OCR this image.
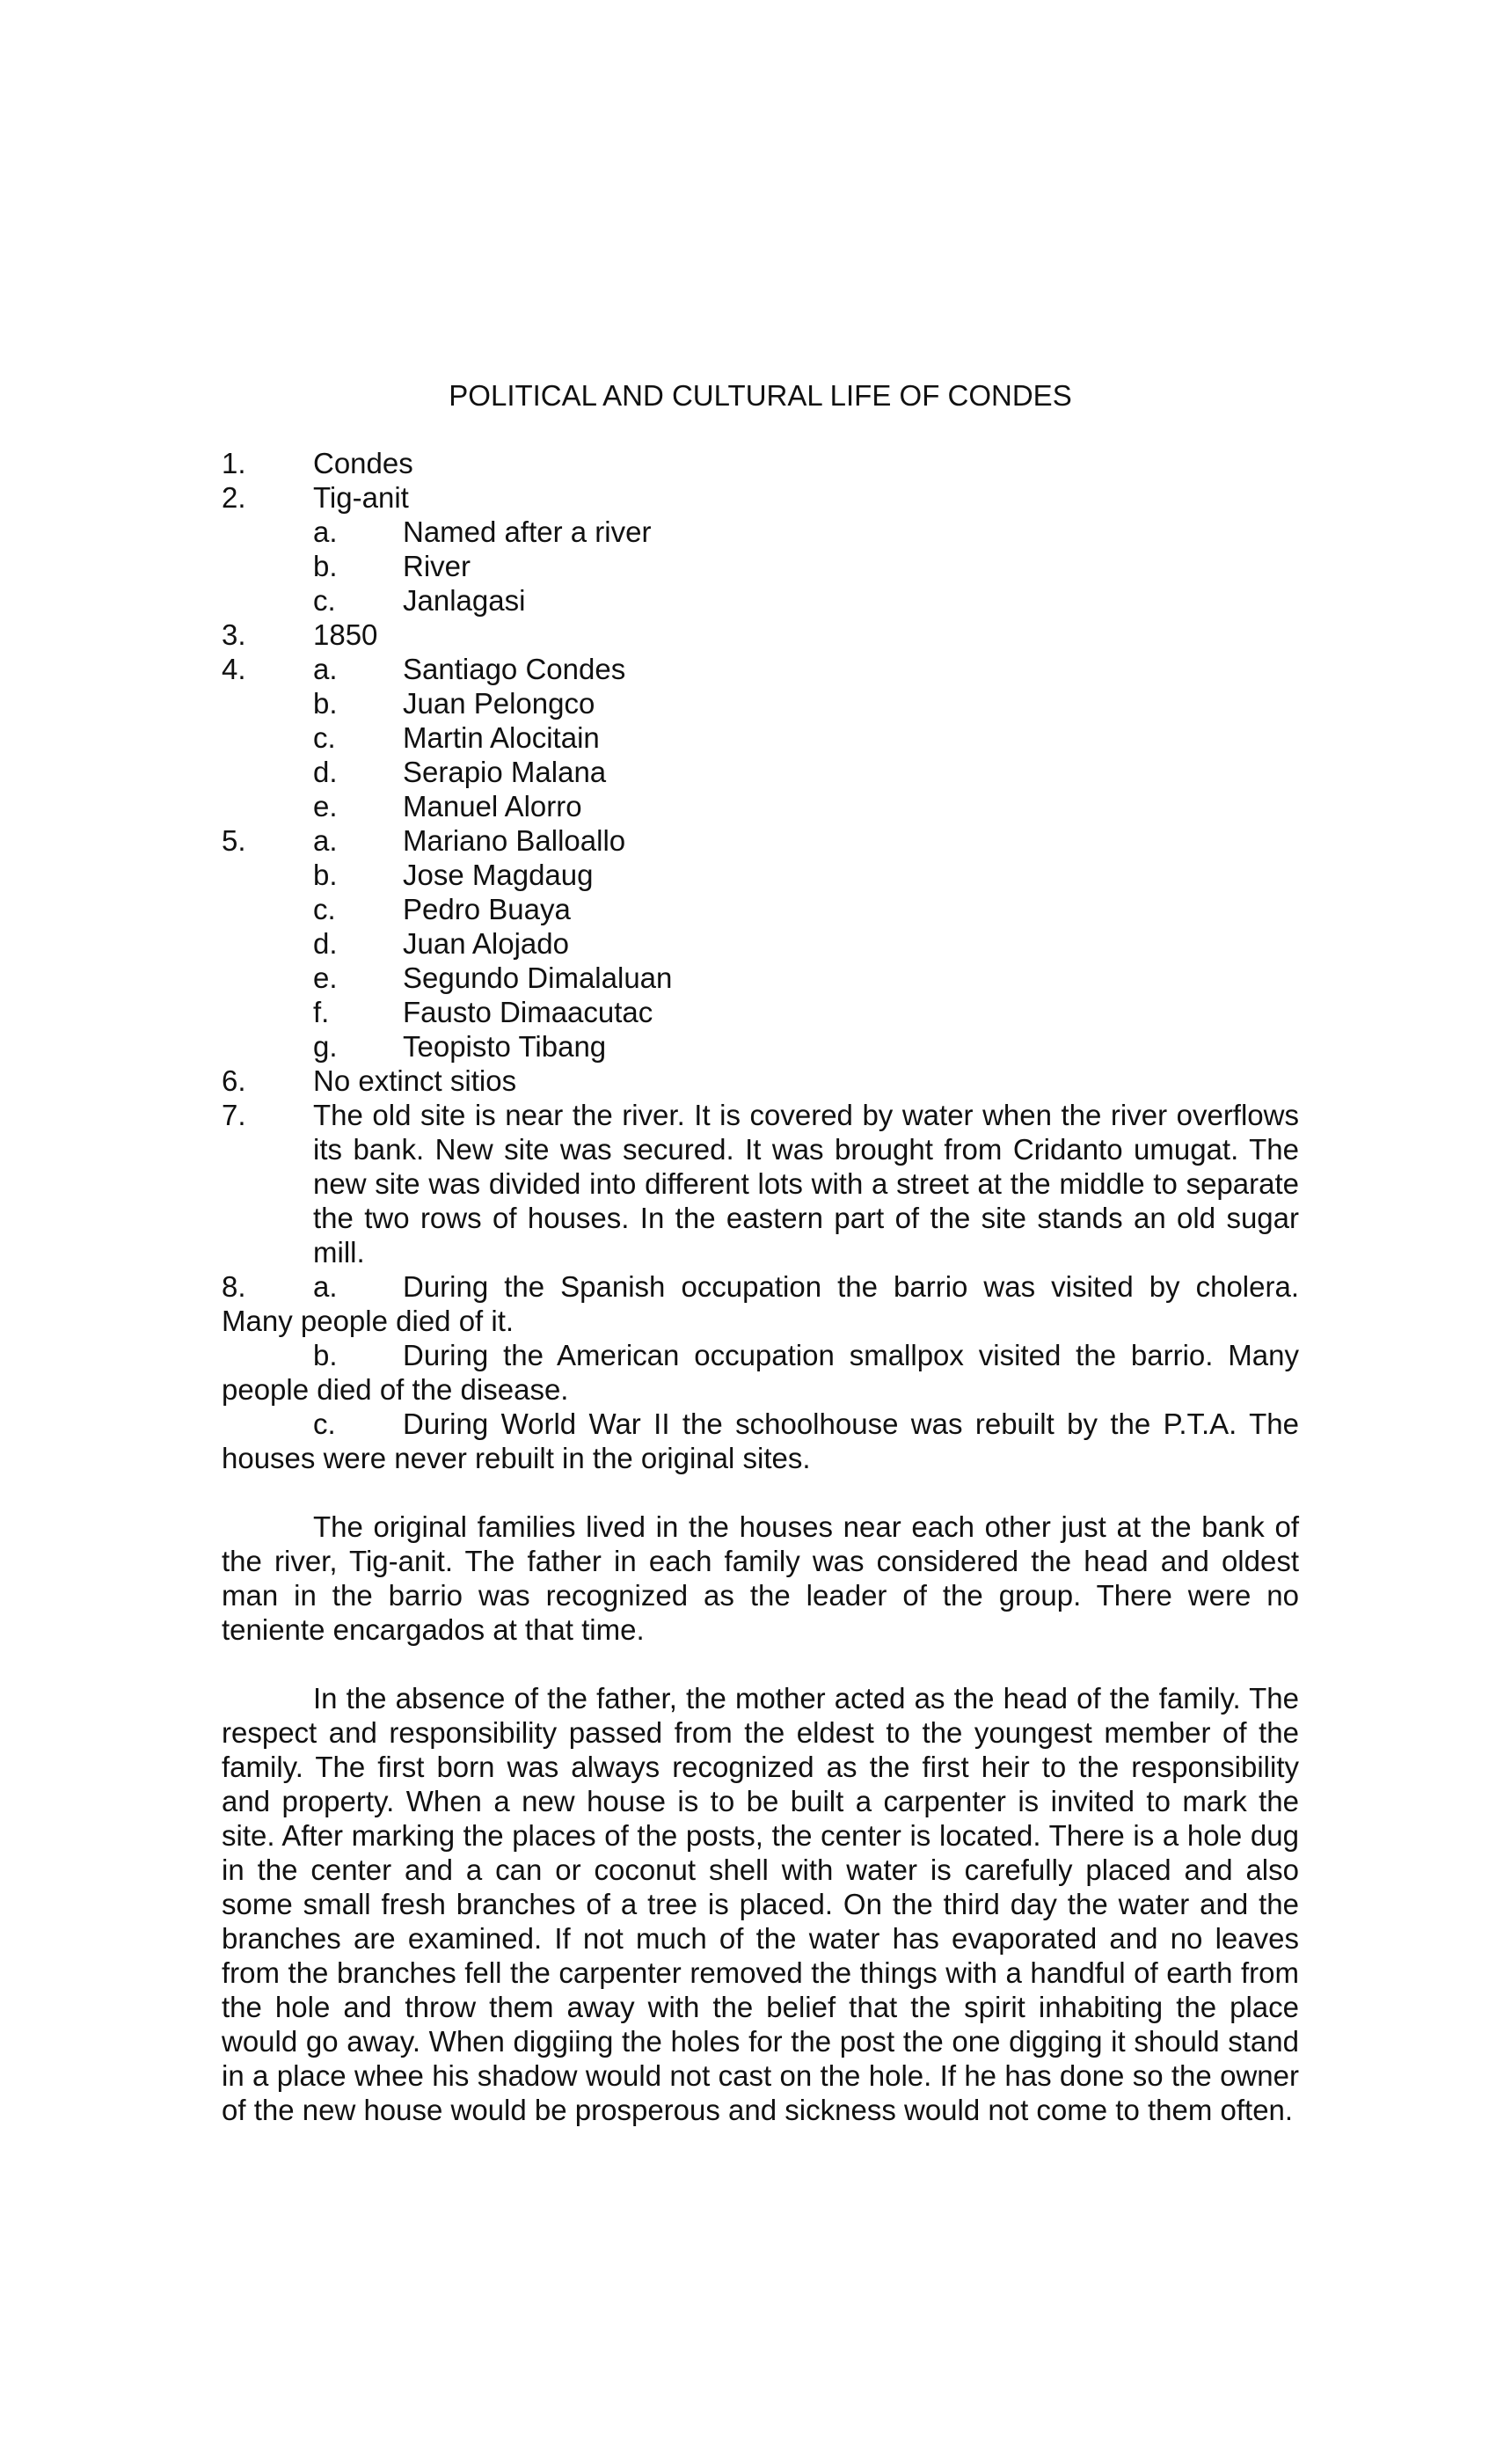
POLITICAL AND CULTURAL LIFE OF CONDES
1. Condes
2. Tig-anit
a. Named after a river
b. River
c. Janlagasi
3. 1850
4. a. Santiago Condes
b. Juan Pelongco
c. Martin Alocitain
d. Serapio Malana
e. Manuel Alorro
5. a. Mariano Balloallo
b. Jose Magdaug
c. Pedro Buaya
d. Juan Alojado
e. Segundo Dimalaluan
f.	Fausto Dimaacutac
g. Teopisto Tibang
6. No extinct sitios
7. The old site is near the river. It is covered by water when the river overflows its bank. New site was secured. It was brought from Cridanto umugat. The new site was divided into different lots with a street at the middle to separate the two rows of houses. In the eastern part of the site stands an old sugar mill.
8. a. During the Spanish occupation the barrio was visited by cholera. Many people died of it.
b. During the American occupation smallpox visited the barrio. Many people died of the disease.
c. During World War II the schoolhouse was rebuilt by the P.T.A. The houses were never rebuilt in the original sites.
The original families lived in the houses near each other just at the bank of the river, Tig-anit. The father in each family was considered the head and oldest man in the barrio was recognized as the leader of the group. There were no teniente encargados at that time.
In the absence of the father, the mother acted as the head of the family. The respect and responsibility passed from the eldest to the youngest member of the family. The first born was always recognized as the first heir to the responsibility and property. When a new house is to be built a carpenter is invited to mark the site. After marking the places of the posts, the center is located. There is a hole dug in the center and a can or coconut shell with water is carefully placed and also some small fresh branches of a tree is placed. On the third day the water and the branches are examined. If not much of the water has evaporated and no leaves from the branches fell the carpenter removed the things with a handful of earth from the hole and throw them away with the belief that the spirit inhabiting the place would go away. When diggiing the holes for the post the one digging it should stand in a place whee his shadow would not cast on the hole. If he has done so the owner of the new house would be prosperous and sickness would not come to them often.
